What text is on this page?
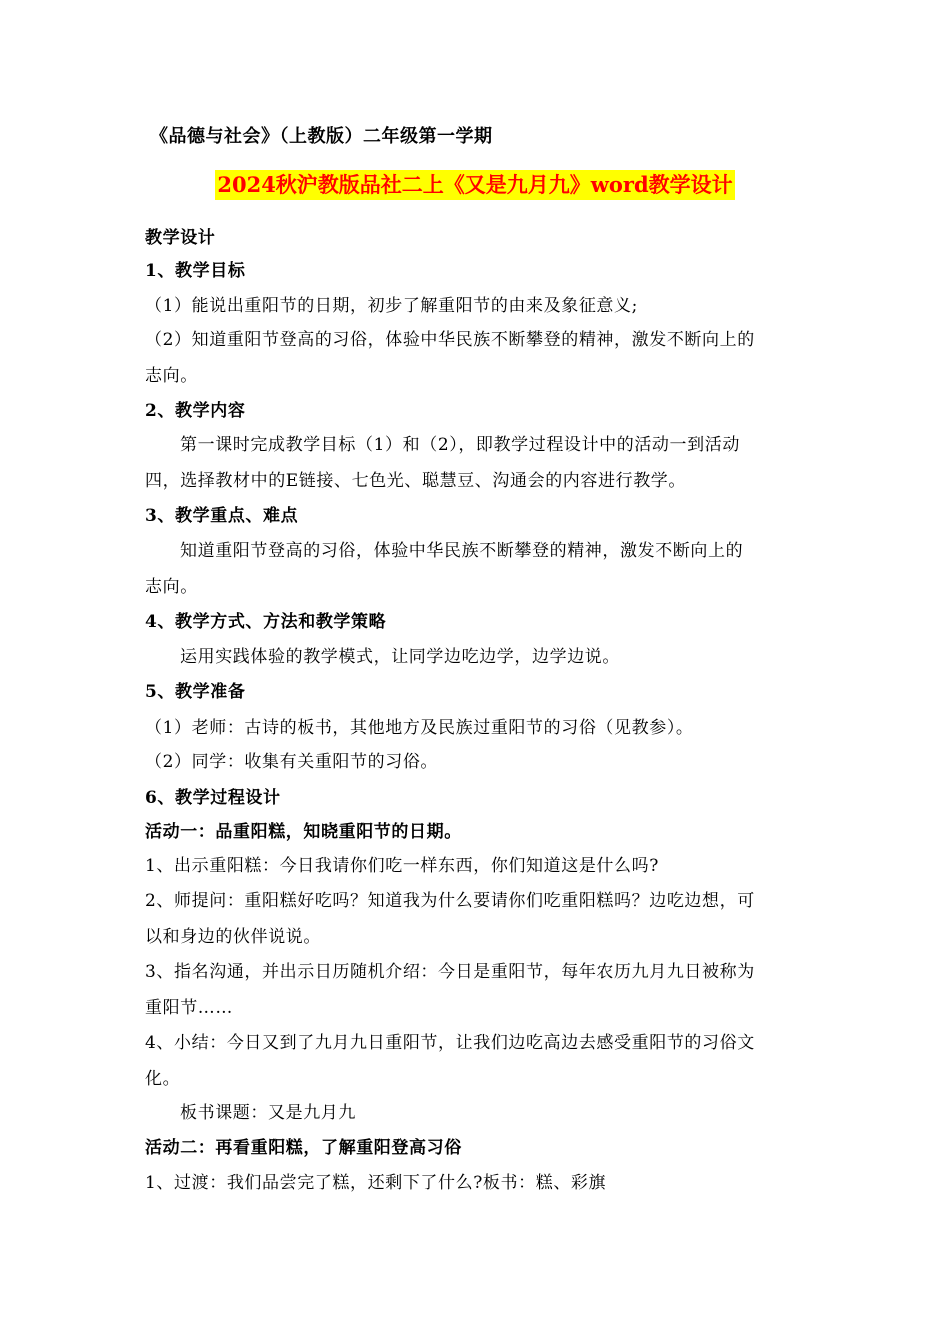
《品德与社会》（上教版）二年级第一学期
2024秋沪教版品社二上《又是九月九》word教学设计
教学设计
1、教学目标
（1）能说出重阳节的日期，初步了解重阳节的由来及象征意义;
（2）知道重阳节登高的习俗，体验中华民族不断攀登的精神，激发不断向上的
志向。
2、教学内容
第一课时完成教学目标（1）和（2），即教学过程设计中的活动一到活动
四，选择教材中的E链接、七色光、聪慧豆、沟通会的内容进行教学。
3、教学重点、难点
知道重阳节登高的习俗，体验中华民族不断攀登的精神，激发不断向上的
志向。
4、教学方式、方法和教学策略
运用实践体验的教学模式，让同学边吃边学，边学边说。
5、教学准备
（1）老师：古诗的板书，其他地方及民族过重阳节的习俗（见教参）。
（2）同学：收集有关重阳节的习俗。
6、教学过程设计
活动一：品重阳糕，知晓重阳节的日期。
1、出示重阳糕：今日我请你们吃一样东西，你们知道这是什么吗?
2、师提问：重阳糕好吃吗？知道我为什么要请你们吃重阳糕吗？边吃边想，可
以和身边的伙伴说说。
3、指名沟通，并出示日历随机介绍：今日是重阳节，每年农历九月九日被称为
重阳节……
4、小结：今日又到了九月九日重阳节，让我们边吃高边去感受重阳节的习俗文
化。
板书课题：又是九月九
活动二：再看重阳糕，了解重阳登高习俗
1、过渡：我们品尝完了糕，还剩下了什么?板书：糕、彩旗
